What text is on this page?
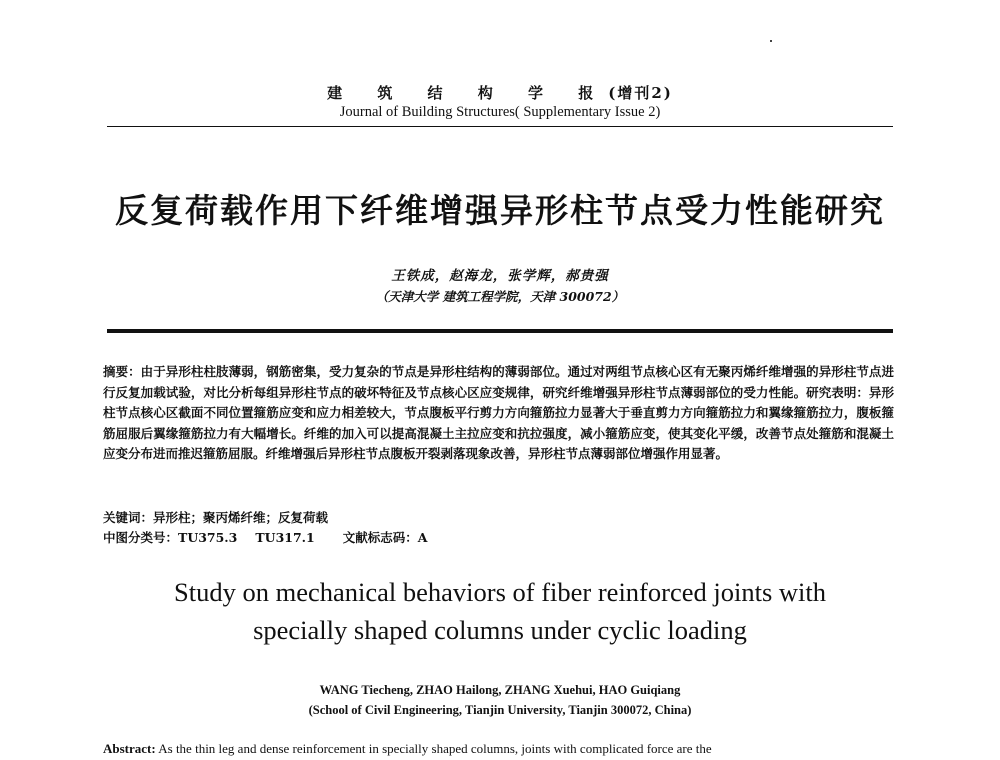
建 筑 结 构 学 报(增刊2)
Journal of Building Structures( Supplementary Issue 2)
反复荷载作用下纤维增强异形柱节点受力性能研究
王铁成，赵海龙，张学辉，郝贵强
（天津大学 建筑工程学院，天津 300072）
摘要：由于异形柱柱肢薄弱，钢筋密集，受力复杂的节点是异形柱结构的薄弱部位。通过对两组节点核心区有无聚丙烯纤维增强的异形柱节点进行反复加载试验，对比分析每组异形柱节点的破坏特征及节点核心区应变规律，研究纤维增强异形柱节点薄弱部位的受力性能。研究表明：异形柱节点核心区截面不同位置箍筋应变和应力相差较大，节点腹板平行剪力方向箍筋拉力显著大于垂直剪力方向箍筋拉力和翼缘箍筋拉力，腹板箍筋屈服后翼缘箍筋拉力有大幅增长。纤维的加入可以提高混凝土主拉应变和抗拉强度，减小箍筋应变，使其变化平缓，改善节点处箍筋和混凝土应变分布进而推迟箍筋屈服。纤维增强后异形柱节点腹板开裂剥落现象改善，异形柱节点薄弱部位增强作用显著。
关键词：异形柱；聚丙烯纤维；反复荷载
中图分类号：TU375.3 TU317.1 文献标志码：A
Study on mechanical behaviors of fiber reinforced joints with
specially shaped columns under cyclic loading
WANG Tiecheng, ZHAO Hailong, ZHANG Xuehui, HAO Guiqiang
(School of Civil Engineering, Tianjin University, Tianjin 300072, China)
Abstract: As the thin leg and dense reinforcement in specially shaped columns, joints with complicated force are the
